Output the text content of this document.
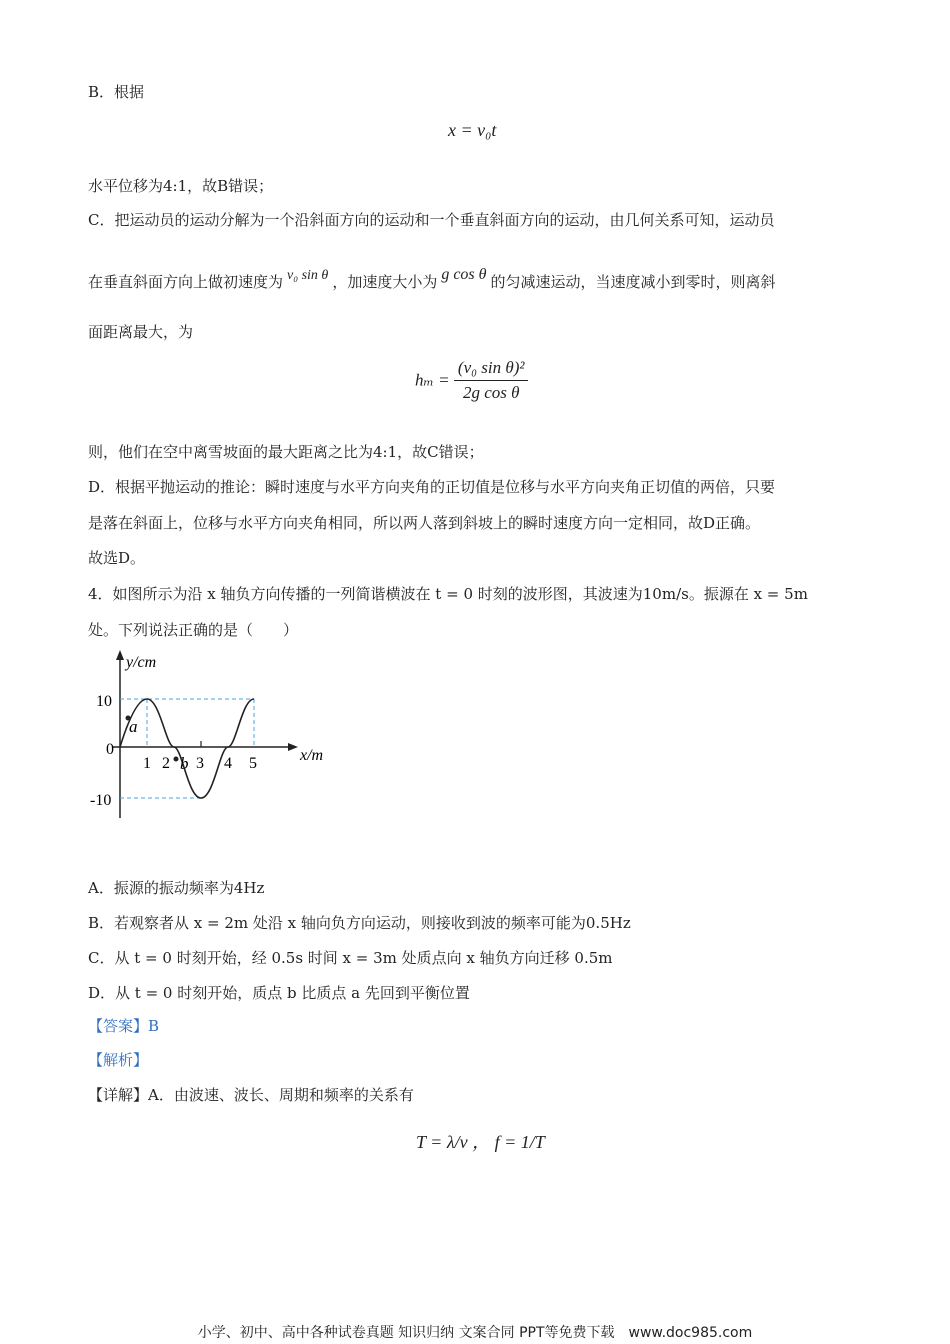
B．根据
x = v₀t
水平位移为4:1，故B错误；
C．把运动员的运动分解为一个沿斜面方向的运动和一个垂直斜面方向的运动，由几何关系可知，运动员
在垂直斜面方向上做初速度为 v₀ sin θ ，加速度大小为 g cos θ 的匀减速运动，当速度减小到零时，则离斜
面距离最大，为
$h_m = \frac{\text{(v₀ sin θ)²}}{\text{2g cos θ}}$
则，他们在空中离雪坡面的最大距离之比为4:1，故C错误；
D．根据平抛运动的推论：瞬时速度与水平方向夹角的正切值是位移与水平方向夹角正切值的两倍，只要
是落在斜面上，位移与水平方向夹角相同，所以两人落到斜坡上的瞬时速度方向一定相同，故D正确。
故选D。
4．如图所示为沿 x 轴负方向传播的一列简谐横波在 t = 0 时刻的波形图，其波速为10m/s。振源在 x = 5m
处。下列说法正确的是（　　）
y/cm
x/m
10
0
-10
1 2 3 4 5
a
b
A．振源的振动频率为4Hz
B．若观察者从 x = 2m 处沿 x 轴向负方向运动，则接收到波的频率可能为0.5Hz
C．从 t = 0 时刻开始，经 0.5s 时间 x = 3m 处质点向 x 轴负方向迁移 0.5m
D．从 t = 0 时刻开始，质点 b 比质点 a 先回到平衡位置
【答案】B
【解析】
【详解】A．由波速、波长、周期和频率的关系有
T = λ/v ， f = 1/T
小学、初中、高中各种试卷真题 知识归纳 文案合同 PPT等免费下载　www.doc985.com
